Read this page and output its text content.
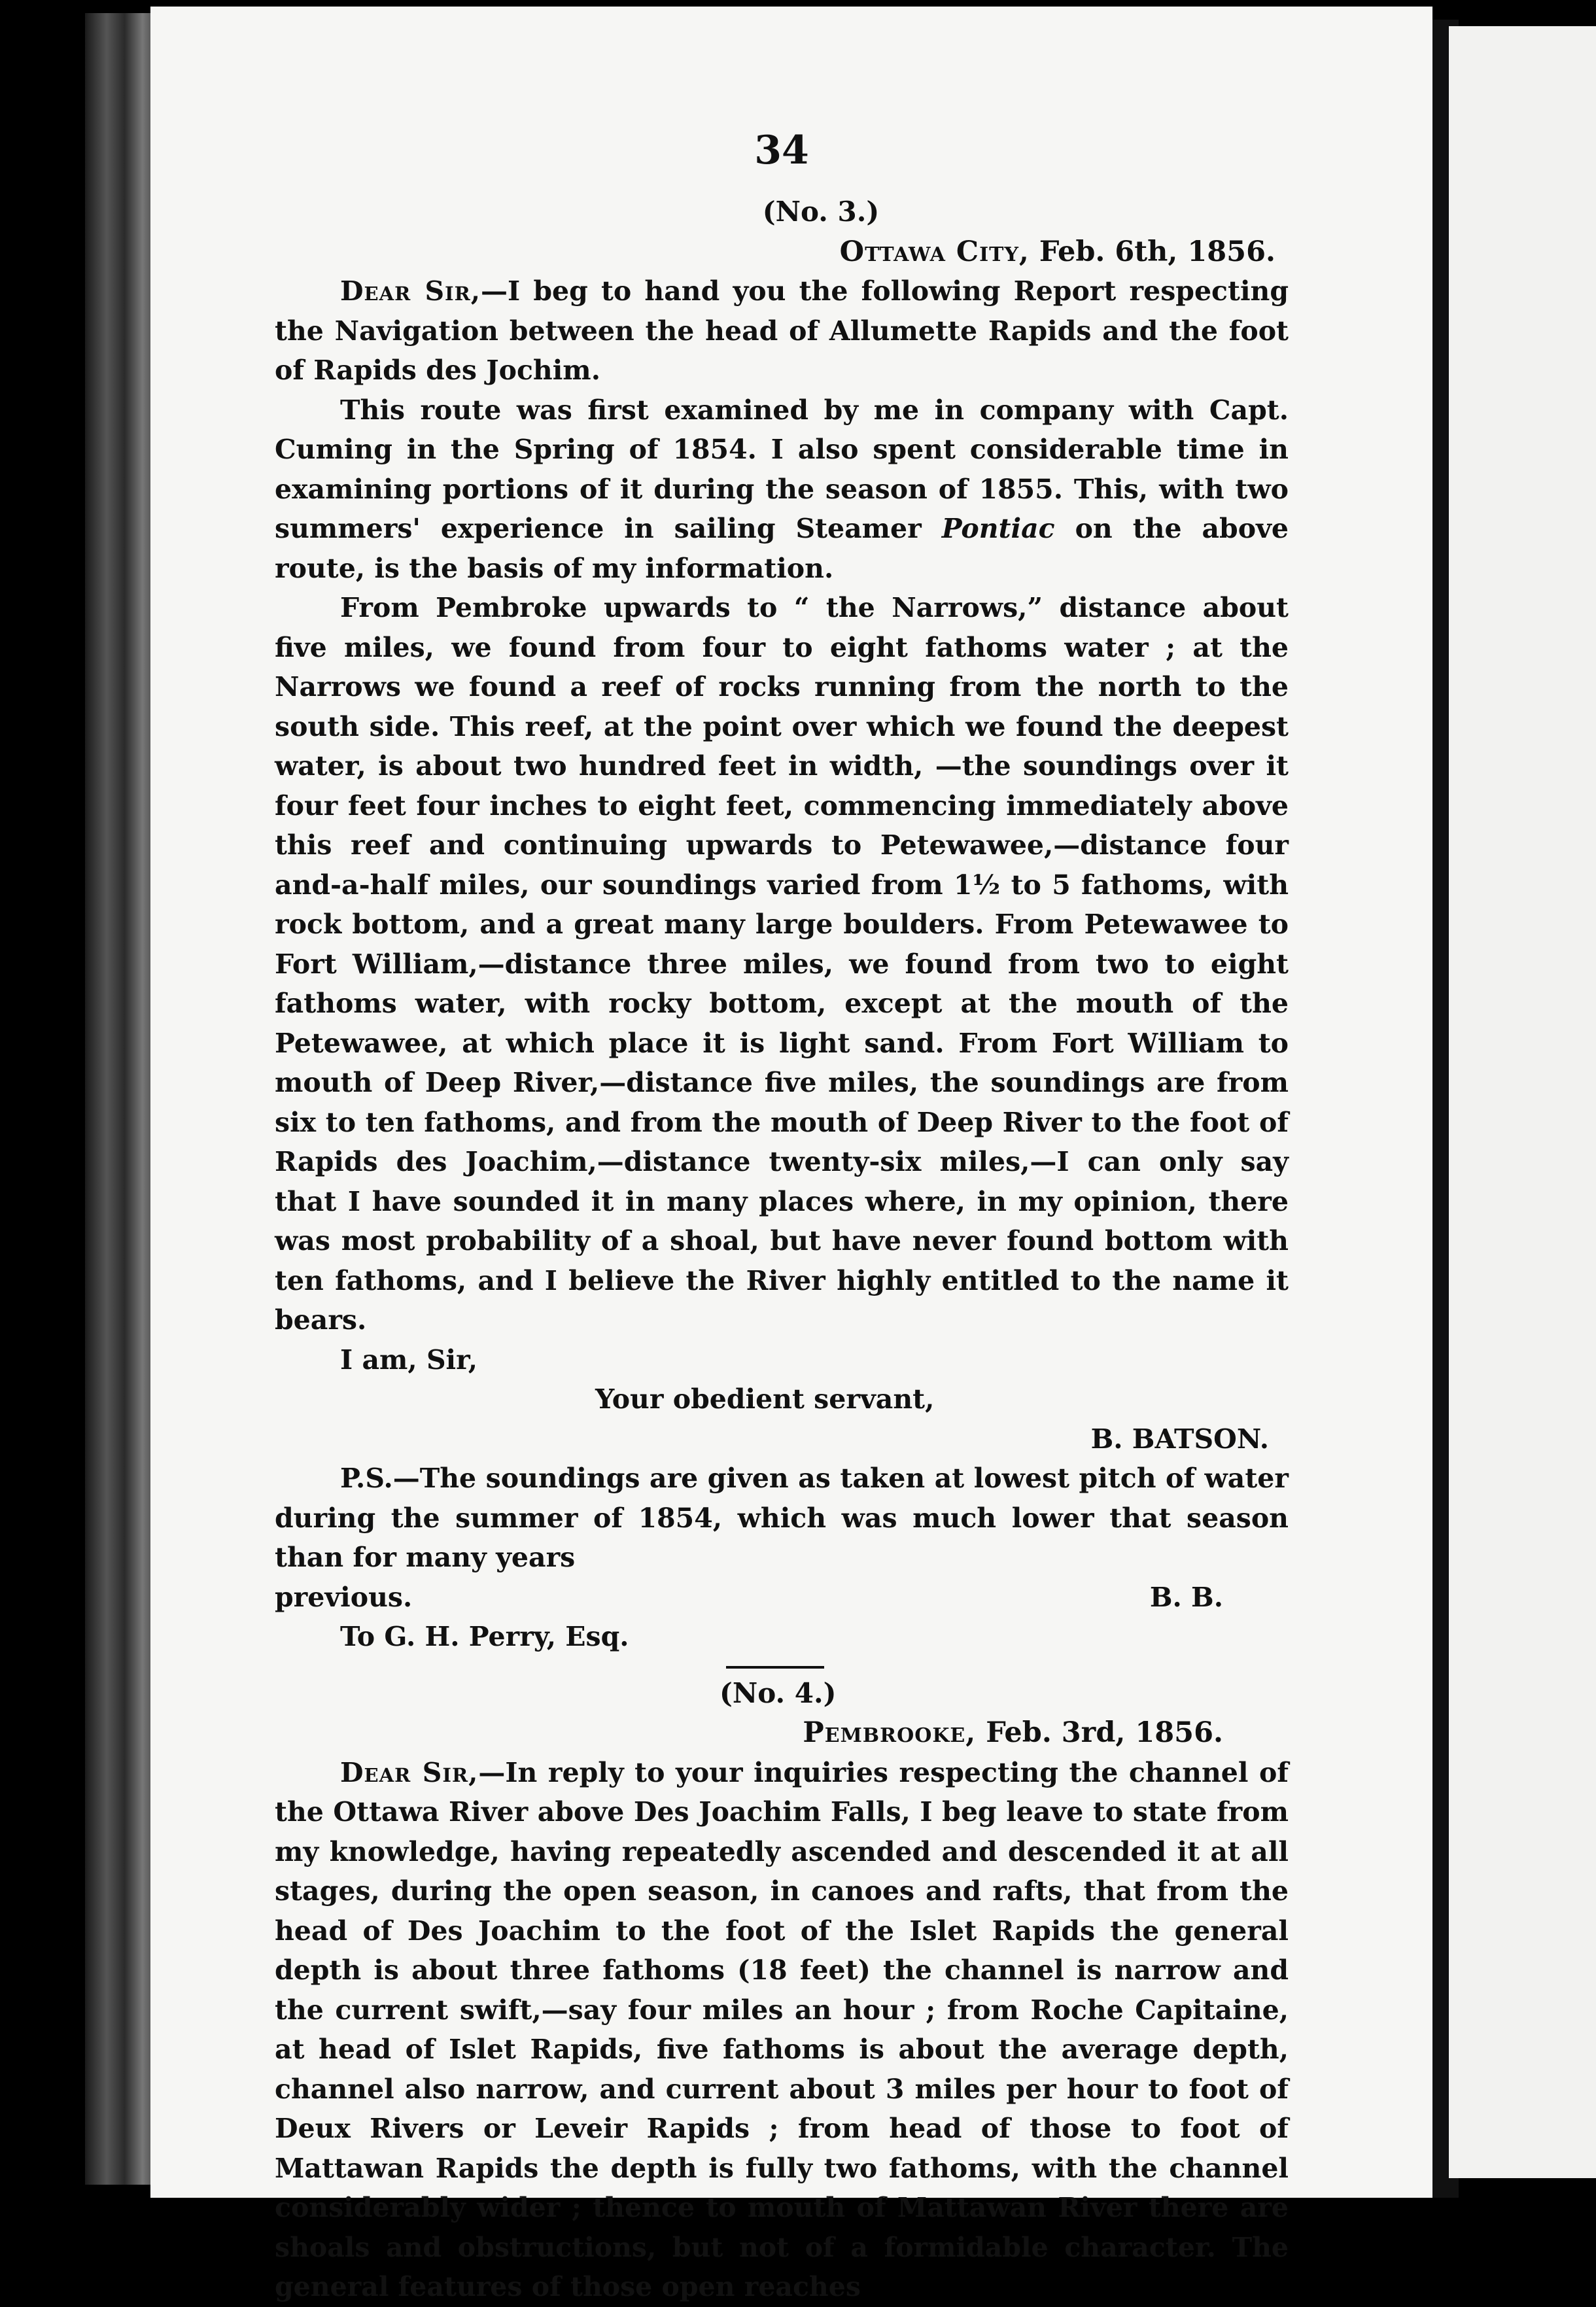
34
(No. 3.)
Ottawa City, Feb. 6th, 1856.

Dear Sir,—I beg to hand you the following Report respecting the Navigation between the head of Allumette Rapids and the foot of Rapids des Jochim.

This route was first examined by me in company with Capt. Cuming in the Spring of 1854. I also spent considerable time in examining portions of it during the season of 1855. This, with two summers' experience in sailing Steamer Pontiac on the above route, is the basis of my information.

From Pembroke upwards to “ the Narrows,” distance about five miles, we found from four to eight fathoms water ; at the Narrows we found a reef of rocks running from the north to the south side. This reef, at the point over which we found the deepest water, is about two hundred feet in width, —the soundings over it four feet four inches to eight feet, commencing immediately above this reef and continuing upwards to Petewawee,—distance four and-a-half miles, our soundings varied from 1½ to 5 fathoms, with rock bottom, and a great many large boulders. From Petewawee to Fort William,—distance three miles, we found from two to eight fathoms water, with rocky bottom, except at the mouth of the Petewawee, at which place it is light sand. From Fort William to mouth of Deep River,—distance five miles, the soundings are from six to ten fathoms, and from the mouth of Deep River to the foot of Rapids des Joachim,—distance twenty-six miles,—I can only say that I have sounded it in many places where, in my opinion, there was most probability of a shoal, but have never found bottom with ten fathoms, and I believe the River highly entitled to the name it bears.

I am, Sir,
Your obedient servant,
B. BATSON.

P.S.—The soundings are given as taken at lowest pitch of water during the summer of 1854, which was much lower that season than for many years

previous.	B. B.
To G. H. Perry, Esq.
(No. 4.)
Pembrooke, Feb. 3rd, 1856.

Dear Sir,—In reply to your inquiries respecting the channel of the Ottawa River above Des Joachim Falls, I beg leave to state from my knowledge, having repeatedly ascended and descended it at all stages, during the open season, in canoes and rafts, that from the head of Des Joachim to the foot of the Islet Rapids the general depth is about three fathoms (18 feet) the channel is narrow and the current swift,—say four miles an hour ; from Roche Capitaine, at head of Islet Rapids, five fathoms is about the average depth, channel also narrow, and current about 3 miles per hour to foot of Deux Rivers or Leveir Rapids ; from head of those to foot of Mattawan Rapids the depth is fully two fathoms, with the channel considerably wider ; thence to mouth of Mattawan River there are shoals and obstructions, but not of a formidable character. The general features of those open reaches
